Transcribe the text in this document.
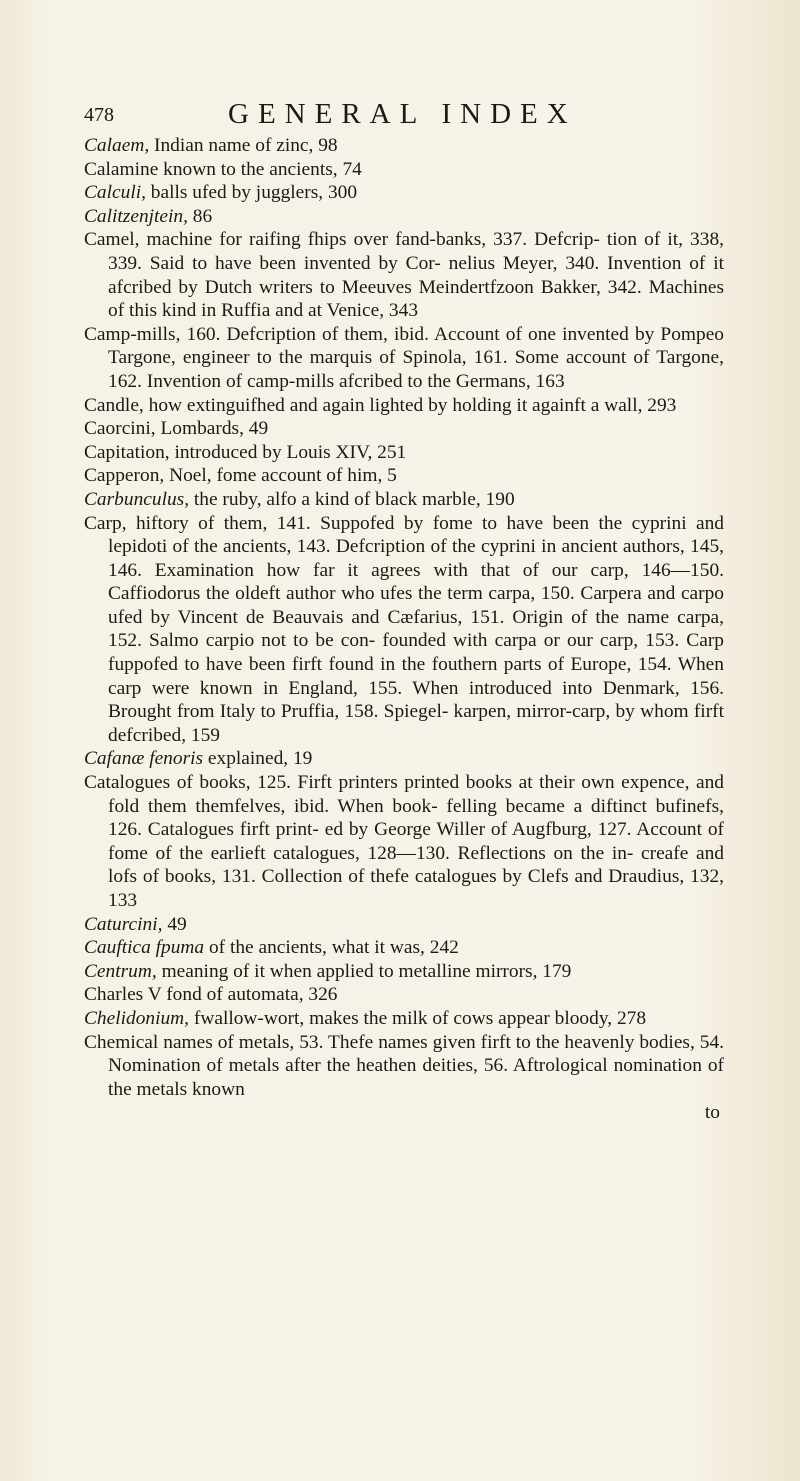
478	GENERAL INDEX

Calaem, Indian name of zinc, 98

Calamine known to the ancients, 74

Calculi, balls ufed by jugglers, 300

Calitzenjtein, 86

Camel, machine for raifing fhips over fand-banks, 337. Defcrip- tion of it, 338, 339. Said to have been invented by Cor- nelius Meyer, 340. Invention of it afcribed by Dutch writers to Meeuves Meindertfzoon Bakker, 342. Machines of this kind in Ruffia and at Venice, 343

Camp-mills, 160. Defcription of them, ibid. Account of one invented by Pompeo Targone, engineer to the marquis of Spinola, 161. Some account of Targone, 162. Invention of camp-mills afcribed to the Germans, 163

Candle, how extinguifhed and again lighted by holding it againft a wall, 293

Caorcini, Lombards, 49

Capitation, introduced by Louis XIV, 251

Capperon, Noel, fome account of him, 5

Carbunculus, the ruby, alfo a kind of black marble, 190

Carp, hiftory of them, 141. Suppofed by fome to have been the cyprini and lepidoti of the ancients, 143. Defcription of the cyprini in ancient authors, 145, 146. Examination how far it agrees with that of our carp, 146—150. Caffiodorus the oldeft author who ufes the term carpa, 150. Carpera and carpo ufed by Vincent de Beauvais and Cæfarius, 151. Origin of the name carpa, 152. Salmo carpio not to be con- founded with carpa or our carp, 153. Carp fuppofed to have been firft found in the fouthern parts of Europe, 154. When carp were known in England, 155. When introduced into Denmark, 156. Brought from Italy to Pruffia, 158. Spiegel- karpen, mirror-carp, by whom firft defcribed, 159

Cafanæ fenoris explained, 19

Catalogues of books, 125. Firft printers printed books at their own expence, and fold them themfelves, ibid. When book- felling became a diftinct bufinefs, 126. Catalogues firft print- ed by George Willer of Augfburg, 127. Account of fome of the earlieft catalogues, 128—130. Reflections on the in- creafe and lofs of books, 131. Collection of thefe catalogues by Clefs and Draudius, 132, 133

Caturcini, 49

Cauftica fpuma of the ancients, what it was, 242

Centrum, meaning of it when applied to metalline mirrors, 179

Charles V fond of automata, 326

Chelidonium, fwallow-wort, makes the milk of cows appear bloody, 278

Chemical names of metals, 53. Thefe names given firft to the heavenly bodies, 54. Nomination of metals after the heathen deities, 56. Aftrological nomination of the metals known

to
